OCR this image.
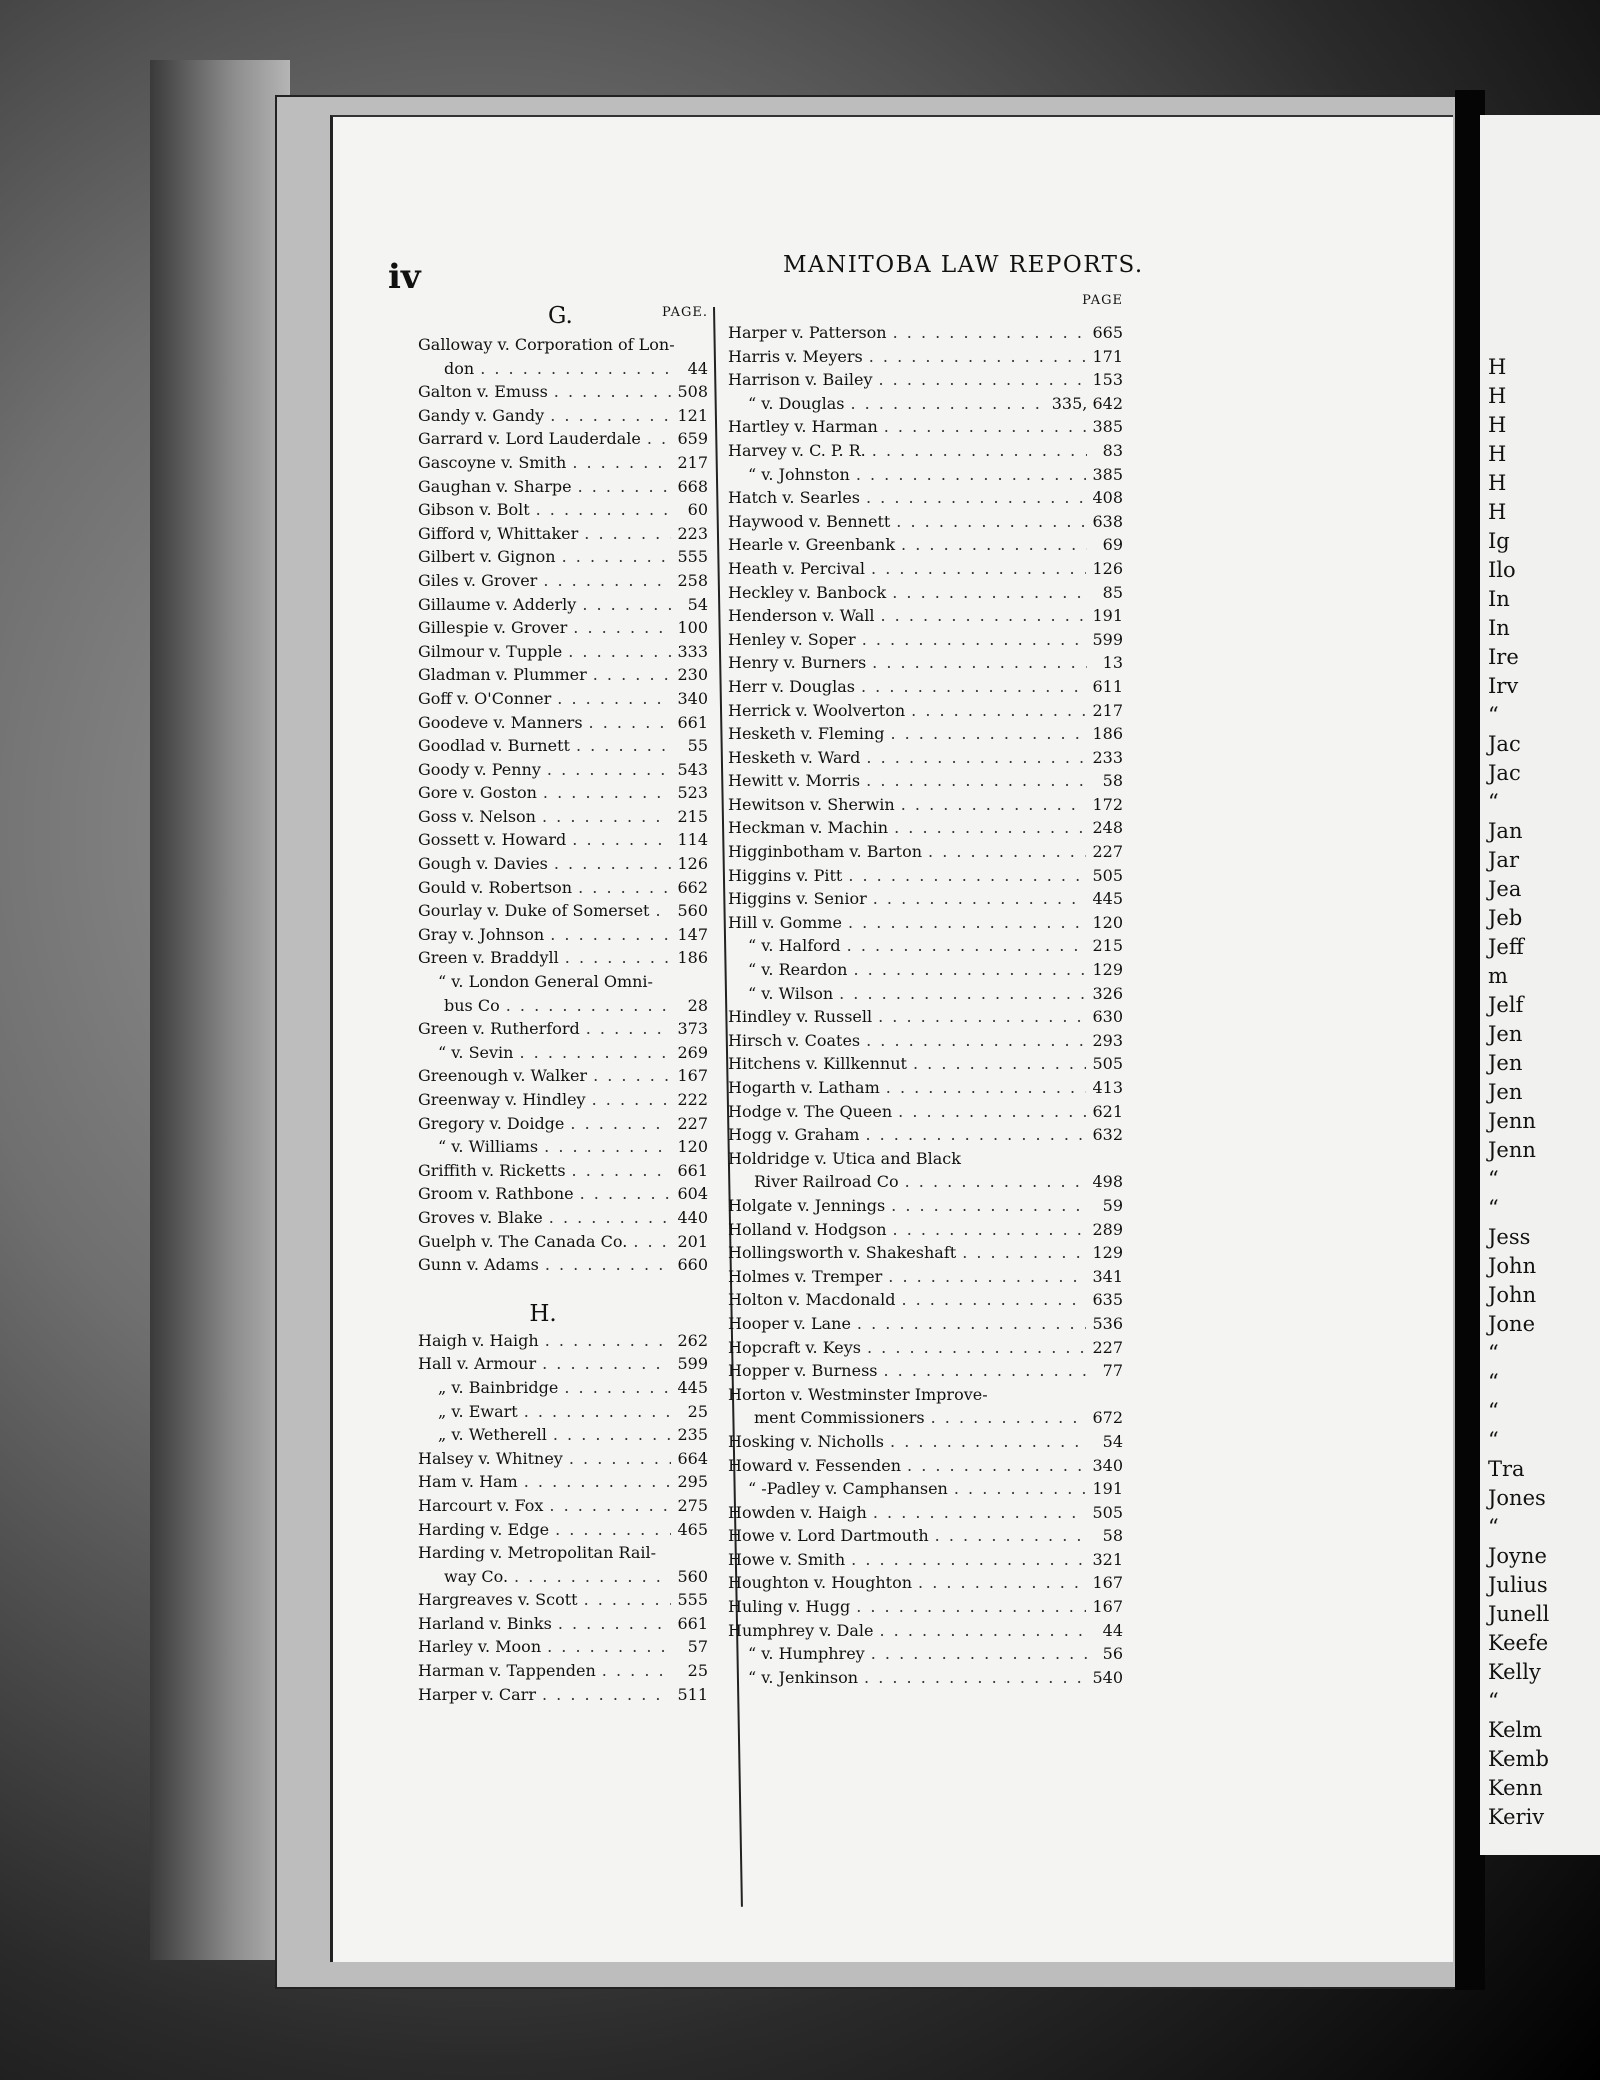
iv	MANITOBA LAW REPORTS.
G.	PAGE.
Galloway v. Corporation of Lon-
don . . .	44
Galton v. Emuss . . .	508
Gandy v. Gandy . . .	121
Garrard v. Lord Lauderdale . . . 659
Gascoyne v. Smith . . .	217
Gaughan v. Sharpe . . .	668
Gibson v. Bolt . . .	60
Gifford v, Whittaker . . .	223
Gilbert v. Gignon . . .	555
Giles v. Grover . . .	258
Gillaume v. Adderly . . .	54
Gillespie v. Grover . . .	100
Gilmour v. Tupple . . .	333
Gladman v. Plummer . . .	230
Goff v. O'Conner . . .	340
Goodeve v. Manners . . .	661
Goodlad v. Burnett . . .	55
Goody v. Penny . . .	543
Gore v. Goston . . .	523
Goss v. Nelson . . .	215
Gossett v. Howard . . .	114
Gough v. Davies . . .	126
Gould v. Robertson . . .	662
Gourlay v. Duke of Somerset . . . 560
Gray v. Johnson . . .	147
Green v. Braddyll . . .	186
“ v. London General Omni-
bus Co . . .	28
Green v. Rutherford . . .	373
“ v. Sevin . . .	269
Greenough v. Walker . . .	167
Greenway v. Hindley . . .	222
Gregory v. Doidge . . .	227
“ v. Williams . . .	120
Griffith v. Ricketts . . .	661
Groom v. Rathbone . . .	604
Groves v. Blake . . .	440
Guelph v. The Canada Co. . . .	201
Gunn v. Adams . . .	660
H.
Haigh v. Haigh . . .	262
Hall v. Armour . . .	599
„ v. Bainbridge . . .	445
„ v. Ewart . . .	25
„ v. Wetherell . . .	235
Halsey v. Whitney . . .	664
Ham v. Ham . . .	295
Harcourt v. Fox . . .	275
Harding v. Edge . . .	465
Harding v. Metropolitan Rail-
way Co. . . .	560
Hargreaves v. Scott . . .	555
Harland v. Binks . . .	661
Harley v. Moon . . .	57
Harman v. Tappenden . . .	25
Harper v. Carr . . .	511
PAGE
Harper v. Patterson . . .	665
Harris v. Meyers . . .	171
Harrison v. Bailey . . .	153
“ v. Douglas . . .	335, 642
Hartley v. Harman . . .	385
Harvey v. C. P. R. . . .	83
“ v. Johnston . . .	385
Hatch v. Searles . . .	408
Haywood v. Bennett . . .	638
Hearle v. Greenbank . . .	69
Heath v. Percival . . .	126
Heckley v. Banbock . . .	85
Henderson v. Wall . . .	191
Henley v. Soper . . .	599
Henry v. Burners . . .	13
Herr v. Douglas . . .	611
Herrick v. Woolverton . . .	217
Hesketh v. Fleming . . .	186
Hesketh v. Ward . . .	233
Hewitt v. Morris . . .	58
Hewitson v. Sherwin . . .	172
Heckman v. Machin . . .	248
Higginbotham v. Barton . . .	227
Higgins v. Pitt . . .	505
Higgins v. Senior . . .	445
Hill v. Gomme . . .	120
“ v. Halford . . .	215
“ v. Reardon . . .	129
“ v. Wilson . . .	326
Hindley v. Russell . . .	630
Hirsch v. Coates . . .	293
Hitchens v. Killkennut . . .	505
Hogarth v. Latham . . .	413
Hodge v. The Queen . . .	621
Hogg v. Graham . . .	632
Holdridge v. Utica and Black
River Railroad Co . . .	498
Holgate v. Jennings . . .	59
Holland v. Hodgson . . .	289
Hollingsworth v. Shakeshaft . . .	129
Holmes v. Tremper . . .	341
Holton v. Macdonald . . .	635
Hooper v. Lane . . .	536
Hopcraft v. Keys . . .	227
Hopper v. Burness . . .	77
Horton v. Westminster Improve-
ment Commissioners . . .	672
Hosking v. Nicholls . . .	54
Howard v. Fessenden . . .	340
“ -Padley v. Camphansen . . .	191
Howden v. Haigh . . .	505
Howe v. Lord Dartmouth . . .	58
Howe v. Smith . . .	321
Houghton v. Houghton . . .	167
Huling v. Hugg . . .	167
Humphrey v. Dale . . .	44
“ v. Humphrey . . .	56
“ v. Jenkinson . . .	540
H
H
H
H
H
H
Ig
Ilo
In
In
Ire
Irv
“
Jac
Jac
“
Jan
Jar
Jea
Jeb
Jeff
m
Jelf
Jen
Jen
Jen
Jenn
Jenn
“
“
Jess
John
John
Jone
“
“
“
“
Tra
Jones
“
Joyne
Julius
Junell
Keefe
Kelly
“
Kelm
Kemb
Kenn
Keriv
